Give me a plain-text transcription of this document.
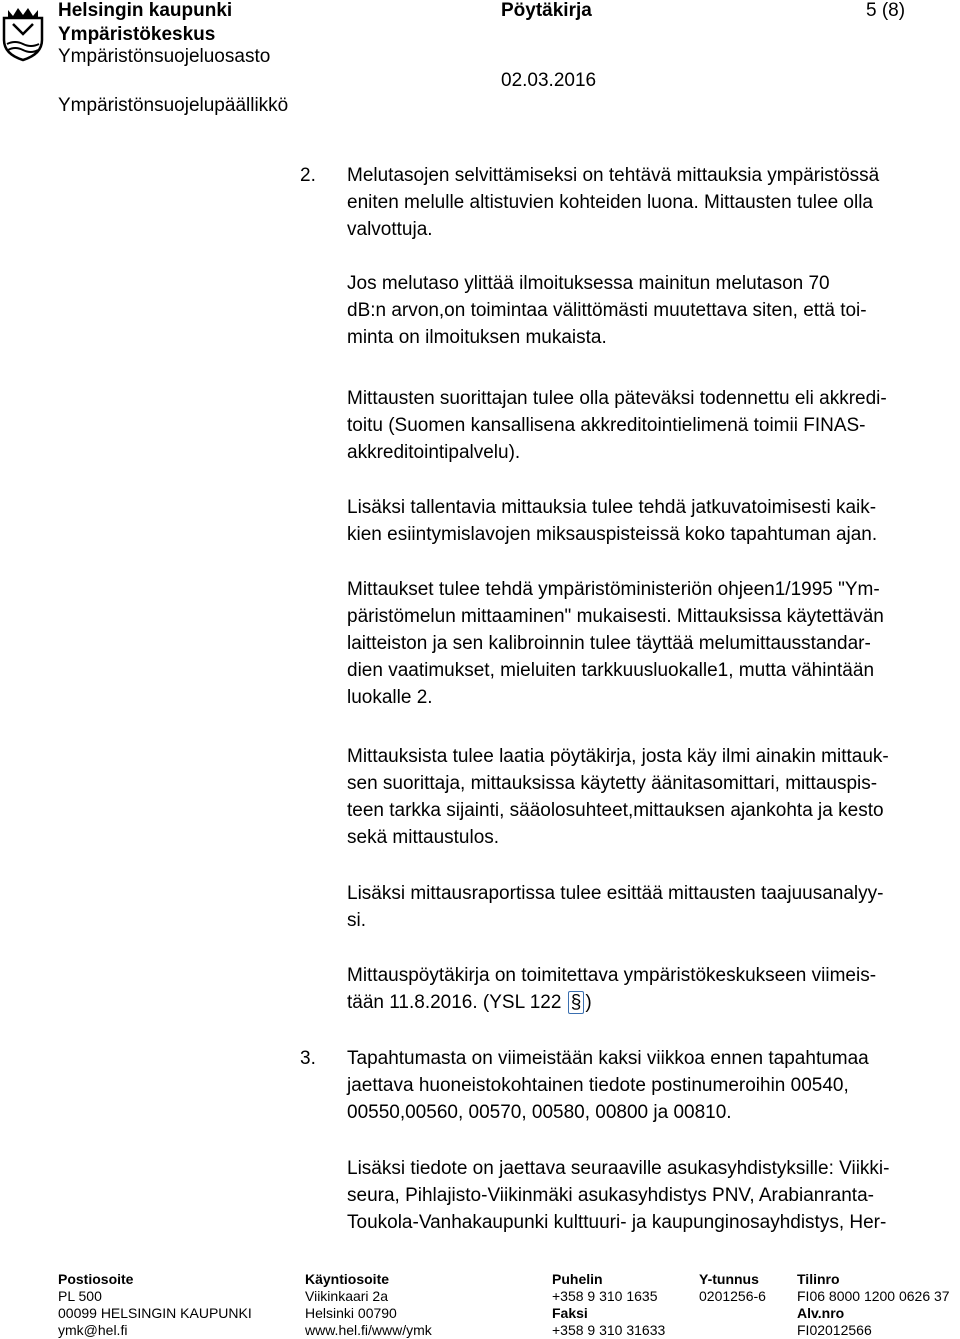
Helsingin kaupunki
Ympäristökeskus
Ympäristönsuojeluosasto
Ympäristönsuojelupäällikkö
Pöytäkirja	5 (8)
02.03.2016
2. Melutasojen selvittämiseksi on tehtävä mittauksia ympäristössä
eniten melulle altistuvien kohteiden luona. Mittausten tulee olla
valvottuja.
Jos melutaso ylittää ilmoituksessa mainitun melutason 70
dB:n arvon,on toimintaa välittömästi muutettava siten, että toi-
minta on ilmoituksen mukaista.
Mittausten suorittajan tulee olla päteväksi todennettu eli akkredi-
toitu (Suomen kansallisena akkreditointielimenä toimii FINAS-
akkreditointipalvelu).
Lisäksi tallentavia mittauksia tulee tehdä jatkuvatoimisesti kaik-
kien esiintymislavojen miksauspisteissä koko tapahtuman ajan.
Mittaukset tulee tehdä ympäristöministeriön ohjeen1/1995 "Ym-
päristömelun mittaaminen" mukaisesti. Mittauksissa käytettävän
laitteiston ja sen kalibroinnin tulee täyttää melumittausstandar-
dien vaatimukset, mieluiten tarkkuusluokalle1, mutta vähintään
luokalle 2.
Mittauksista tulee laatia pöytäkirja, josta käy ilmi ainakin mittauk-
sen suorittaja, mittauksissa käytetty äänitasomittari, mittauspis-
teen tarkka sijainti, sääolosuhteet,mittauksen ajankohta ja kesto
sekä mittaustulos.
Lisäksi mittausraportissa tulee esittää mittausten taajuusanalyy-
si.
Mittauspöytäkirja on toimitettava ympäristökeskukseen viimeis-
tään 11.8.2016. (YSL 122 § )
3. Tapahtumasta on viimeistään kaksi viikkoa ennen tapahtumaa
jaettava huoneistokohtainen tiedote postinumeroihin 00540,
00550,00560, 00570, 00580, 00800 ja 00810.
Lisäksi tiedote on jaettava seuraaville asukasyhdistyksille: Viikki-
seura, Pihlajisto-Viikinmäki asukasyhdistys PNV, Arabianranta-
Toukola-Vanhakaupunki kulttuuri- ja kaupunginosayhdistys, Her-
Postiosoite
PL 500
00099 HELSINGIN KAUPUNKI
ymk@hel.fi
Käyntiosoite
Viikinkaari 2a
Helsinki 00790
www.hel.fi/www/ymk
Puhelin
+358 9 310 1635
Faksi
+358 9 310 31633
Y-tunnus
0201256-6
Tilinro
FI06 8000 1200 0626 37
Alv.nro
FI02012566
